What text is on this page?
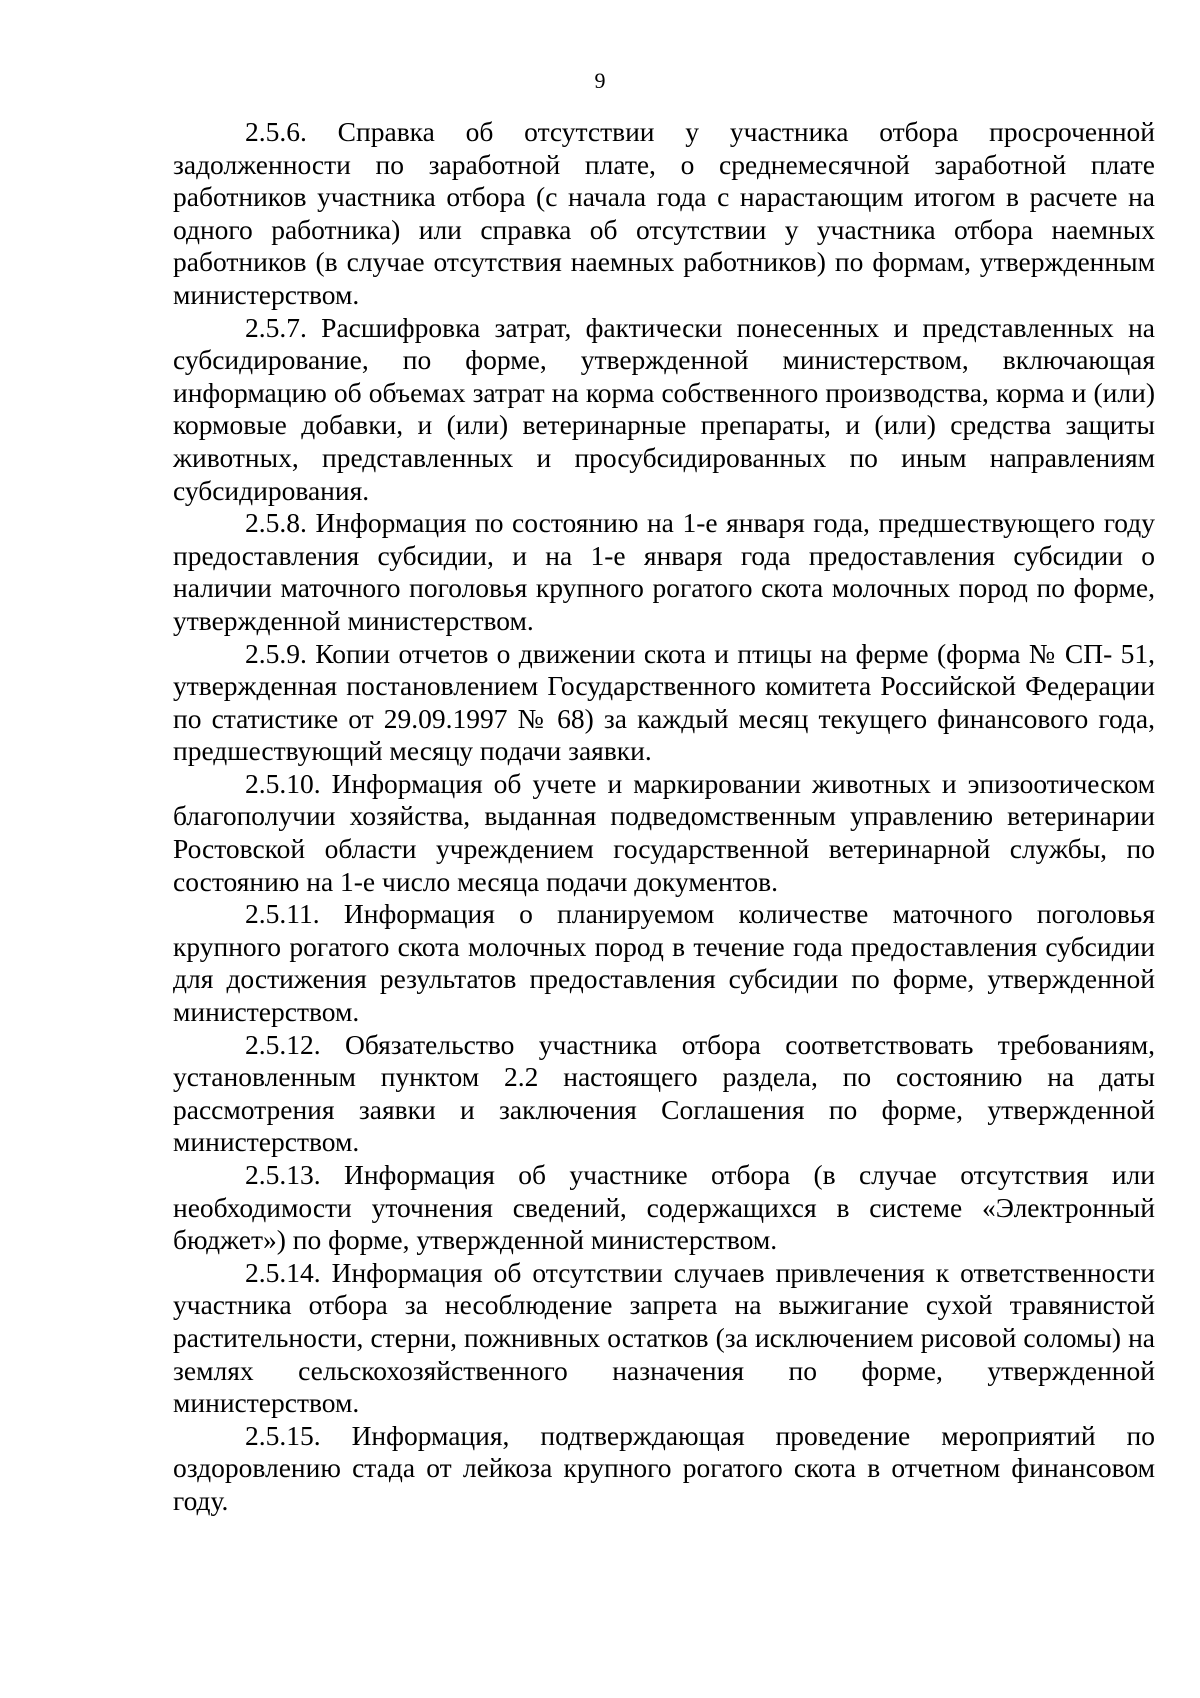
9

2.5.6. Справка об отсутствии у участника отбора просроченной задолженности по заработной плате, о среднемесячной заработной плате работников участника отбора (с начала года с нарастающим итогом в расчете на одного работника) или справка об отсутствии у участника отбора наемных работников (в случае отсутствия наемных работников) по формам, утвержденным министерством.

2.5.7. Расшифровка затрат, фактически понесенных и представленных на субсидирование, по форме, утвержденной министерством, включающая информацию об объемах затрат на корма собственного производства, корма и (или) кормовые добавки, и (или) ветеринарные препараты, и (или) средства защиты животных, представленных и просубсидированных по иным направлениям субсидирования.

2.5.8. Информация по состоянию на 1-е января года, предшествующего году предоставления субсидии, и на 1-е января года предоставления субсидии о наличии маточного поголовья крупного рогатого скота молочных пород по форме, утвержденной министерством.

2.5.9. Копии отчетов о движении скота и птицы на ферме (форма № СП- 51, утвержденная постановлением Государственного комитета Российской Федерации по статистике от 29.09.1997 № 68) за каждый месяц текущего финансового года, предшествующий месяцу подачи заявки.

2.5.10. Информация об учете и маркировании животных и эпизоотическом благополучии хозяйства, выданная подведомственным управлению ветеринарии Ростовской области учреждением государственной ветеринарной службы, по состоянию на 1-е число месяца подачи документов.

2.5.11. Информация о планируемом количестве маточного поголовья крупного рогатого скота молочных пород в течение года предоставления субсидии для достижения результатов предоставления субсидии по форме, утвержденной министерством.

2.5.12. Обязательство участника отбора соответствовать требованиям, установленным пунктом 2.2 настоящего раздела, по состоянию на даты рассмотрения заявки и заключения Соглашения по форме, утвержденной министерством.

2.5.13. Информация об участнике отбора (в случае отсутствия или необходимости уточнения сведений, содержащихся в системе «Электронный бюджет») по форме, утвержденной министерством.

2.5.14. Информация об отсутствии случаев привлечения к ответственности участника отбора за несоблюдение запрета на выжигание сухой травянистой растительности, стерни, пожнивных остатков (за исключением рисовой соломы) на землях сельскохозяйственного назначения по форме, утвержденной министерством.

2.5.15. Информация, подтверждающая проведение мероприятий по оздоровлению стада от лейкоза крупного рогатого скота в отчетном финансовом году.
